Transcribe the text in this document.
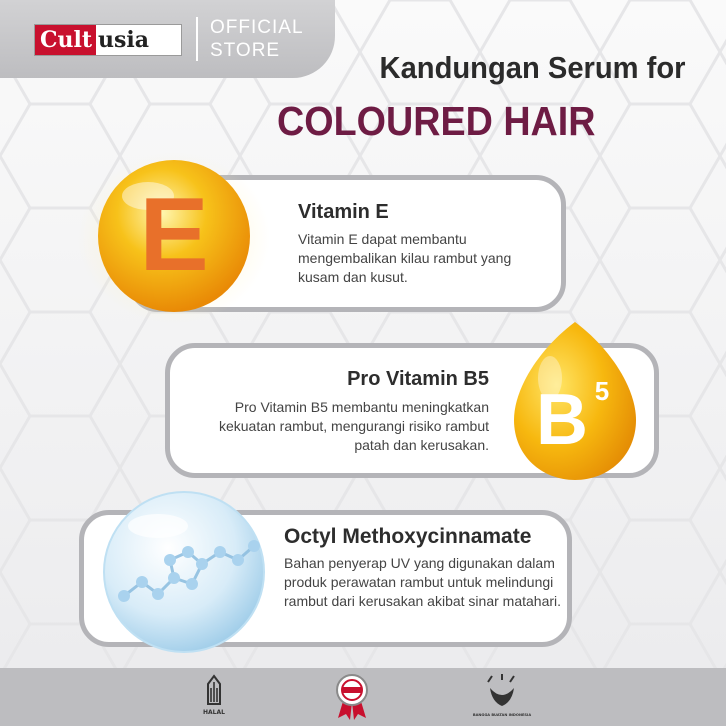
Cult usia	OFFICIAL
STORE	Kandungan Serum for
COLOURED HAIR
E	Vitamin E
Vitamin E dapat membantu mengembalikan kilau rambut yang kusam dan kusut.
B 5
Pro Vitamin B5
Pro Vitamin B5 membantu meningkatkan kekuatan rambut, mengurangi risiko rambut patah dan kerusakan.
Octyl Methoxycinnamate
Bahan penyerap UV yang digunakan dalam produk perawatan rambut untuk melindungi rambut dari kerusakan akibat sinar matahari.
HALAL	BANGGA BUATAN INDONESIA
